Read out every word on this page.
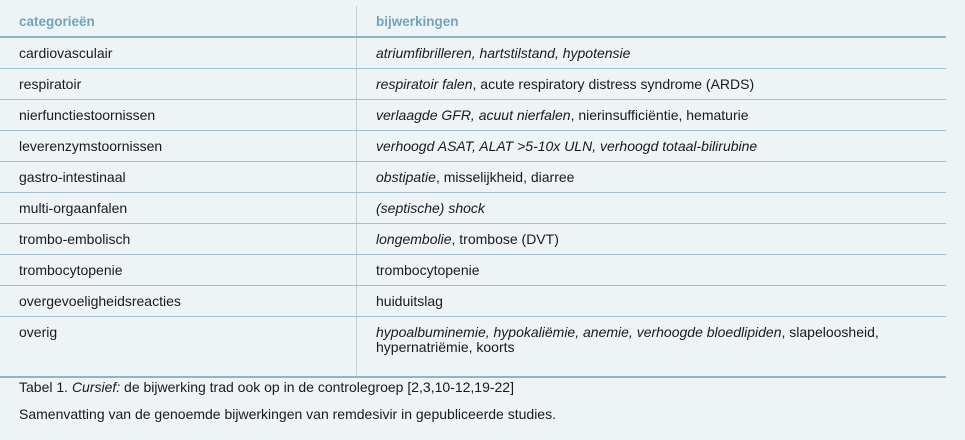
categorieën	bijwerkingen
cardiovasculair	atriumfibrilleren, hartstilstand, hypotensie
respiratoir	respiratoir falen, acute respiratory distress syndrome (ARDS)
nierfunctiestoornissen	verlaagde GFR, acuut nierfalen, nierinsufficiëntie, hematurie
leverenzymstoornissen	verhoogd ASAT, ALAT >5-10x ULN, verhoogd totaal-bilirubine
gastro-intestinaal	obstipatie, misselijkheid, diarree
multi-orgaanfalen	(septische) shock
trombo-embolisch	longembolie, trombose (DVT)
trombocytopenie	trombocytopenie
overgevoeligheidsreacties	huiduitslag
overig	hypoalbuminemie, hypokaliëmie, anemie, verhoogde bloedlipiden, slapeloosheid,
hypernatriëmie, koorts
Tabel 1. Cursief: de bijwerking trad ook op in de controlegroep [2,3,10-12,19-22]
Samenvatting van de genoemde bijwerkingen van remdesivir in gepubliceerde studies.
